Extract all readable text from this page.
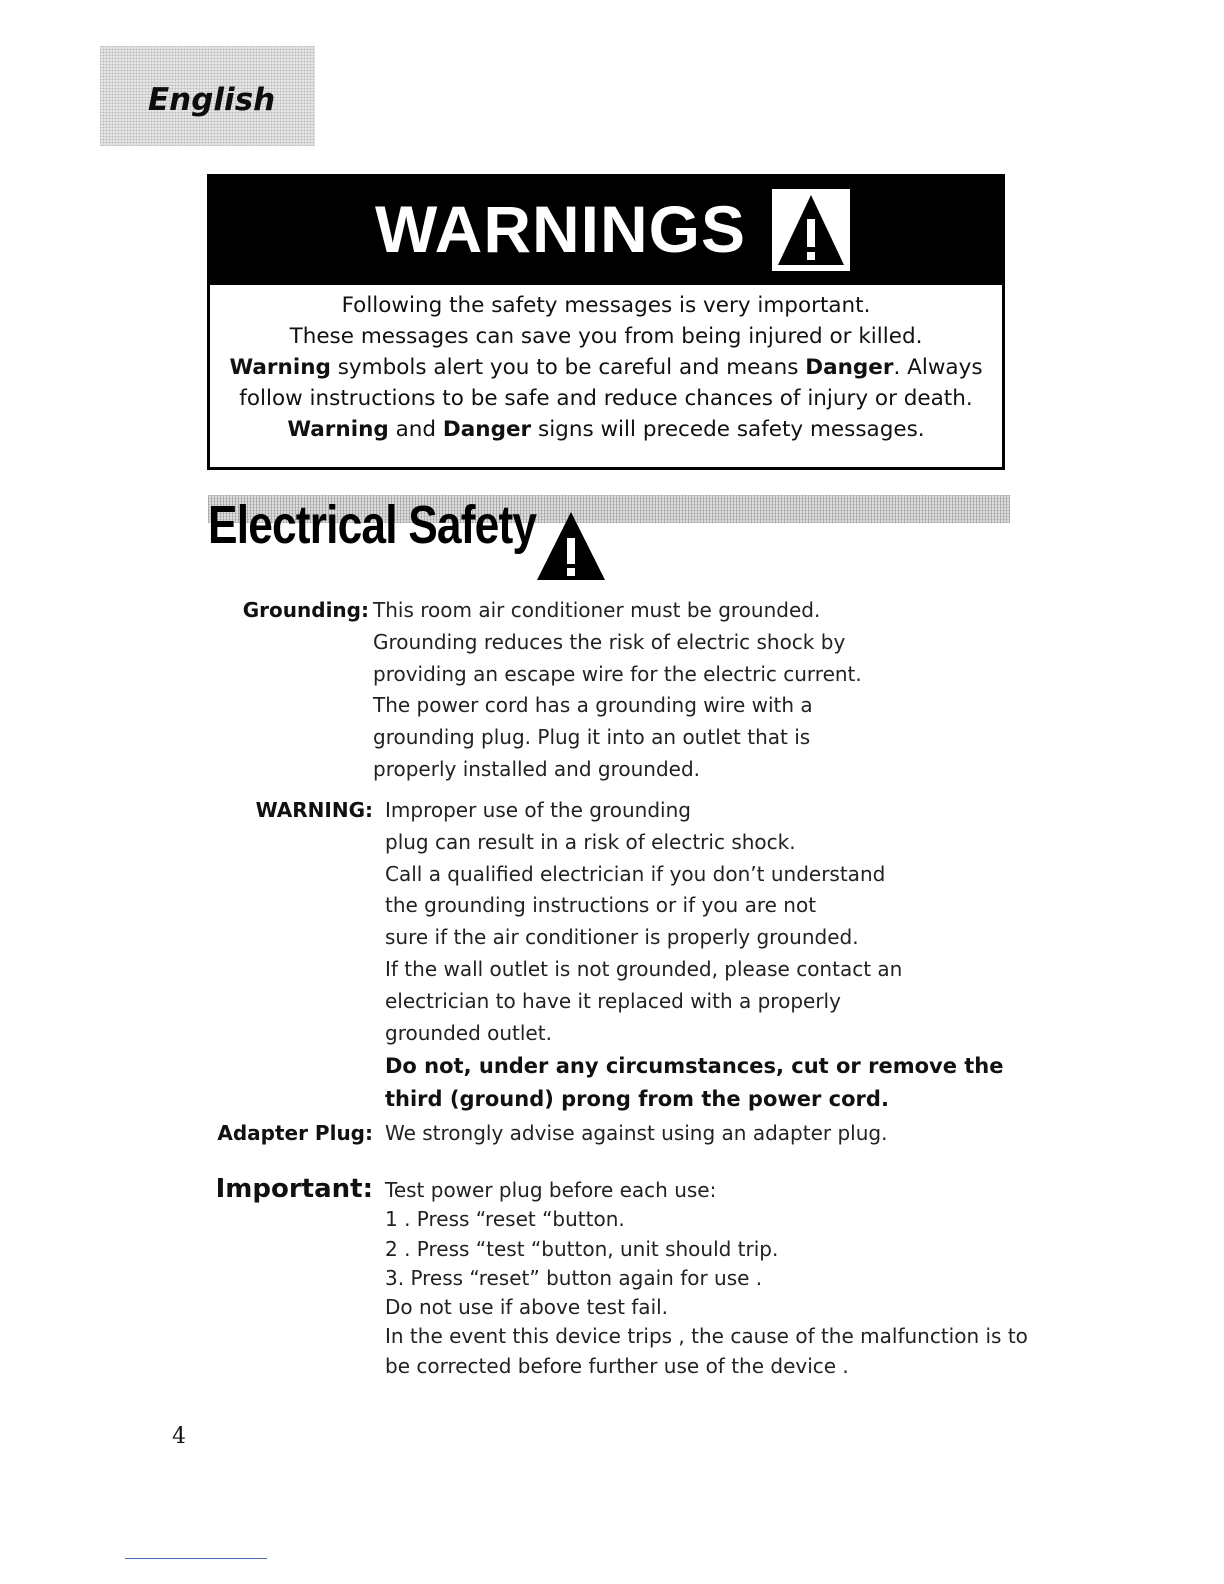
English
WARNINGS

Following the safety messages is very important.

These messages can save you from being injured or killed.

Warning symbols alert you to be careful and means Danger. Always

follow instructions to be safe and reduce chances of injury or death.

Warning and Danger signs will precede safety messages.

Electrical Safety
Grounding: This room air conditioner must be grounded.

Grounding reduces the risk of electric shock by

providing an escape wire for the electric current.

The power cord has a grounding wire with a

grounding plug. Plug it into an outlet that is

properly installed and grounded.

WARNING: Improper use of the grounding

plug can result in a risk of electric shock.

Call a qualified electrician if you don’t understand

the grounding instructions or if you are not

sure if the air conditioner is properly grounded.

If the wall outlet is not grounded, please contact an

electrician to have it replaced with a properly

grounded outlet.

Do not, under any circumstances, cut or remove the

third (ground) prong from the power cord.

Adapter Plug: We strongly advise against using an adapter plug.

Important: Test power plug before each use:

1 . Press “reset “button.

2 . Press “test “button, unit should trip.

3. Press “reset” button again for use .

Do not use if above test fail.

In the event this device trips , the cause of the malfunction is to

be corrected before further use of the device .

4
